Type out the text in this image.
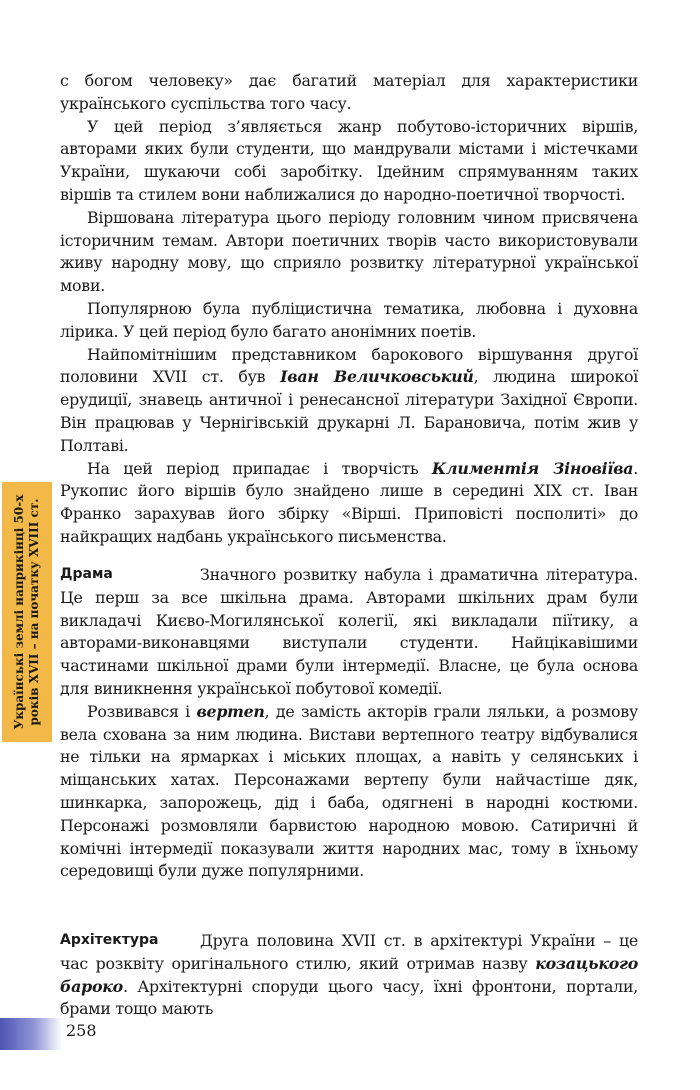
Українські землі наприкінці 50-х років XVII – на початку XVIII ст.

с богом человеку» дає багатий матеріал для характеристики українського суспільства того часу.

У цей період з’являється жанр побутово-історичних віршів, авторами яких були студенти, що мандрували містами і містечками України, шукаючи собі заробітку. Ідейним спрямуванням таких віршів та стилем вони наближалися до народно-поетичної творчості.

Віршована література цього періоду головним чином присвячена історичним темам. Автори поетичних творів часто використовували живу народну мову, що сприяло розвитку літературної української мови.

Популярною була публіцистична тематика, любовна і духовна лірика. У цей період було багато анонімних поетів.

Найпомітнішим представником барокового віршування другої половини XVII ст. був Іван Величковський, людина широкої ерудиції, знавець античної і ренесансної літератури Західної Європи. Він працював у Чернігівській друкарні Л. Барановича, потім жив у Полтаві.

На цей період припадає і творчість Климентія Зіновіїва. Рукопис його віршів було знайдено лише в середині XIX ст. Іван Франко зарахував його збірку «Вірші. Приповісті посполиті» до найкращих надбань українського письменства.

Драма	Значного розвитку набула і драматична література. Це перш за все шкільна драма. Авторами шкільних драм були викладачі Києво-Могилянської колегії, які викладали піїтику, а авторами-виконавцями виступали студенти. Найцікавішими частинами шкільної драми були інтермедії. Власне, це була основа для виникнення української побутової комедії.

Розвивався і вертеп, де замість акторів грали ляльки, а розмову вела схована за ним людина. Вистави вертепного театру відбувалися не тільки на ярмарках і міських площах, а навіть у селянських і міщанських хатах. Персонажами вертепу були найчастіше дяк, шинкарка, запорожець, дід і баба, одягнені в народні костюми. Персонажі розмовляли барвистою народною мовою. Сатиричні й комічні інтермедії показували життя народних мас, тому в їхньому середовищі були дуже популярними.

Архітектура	Друга половина XVII ст. в архітектурі України – це час розквіту оригінального стилю, який отримав назву козацького бароко. Архітектурні споруди цього часу, їхні фронтони, портали, брами тощо мають

258
